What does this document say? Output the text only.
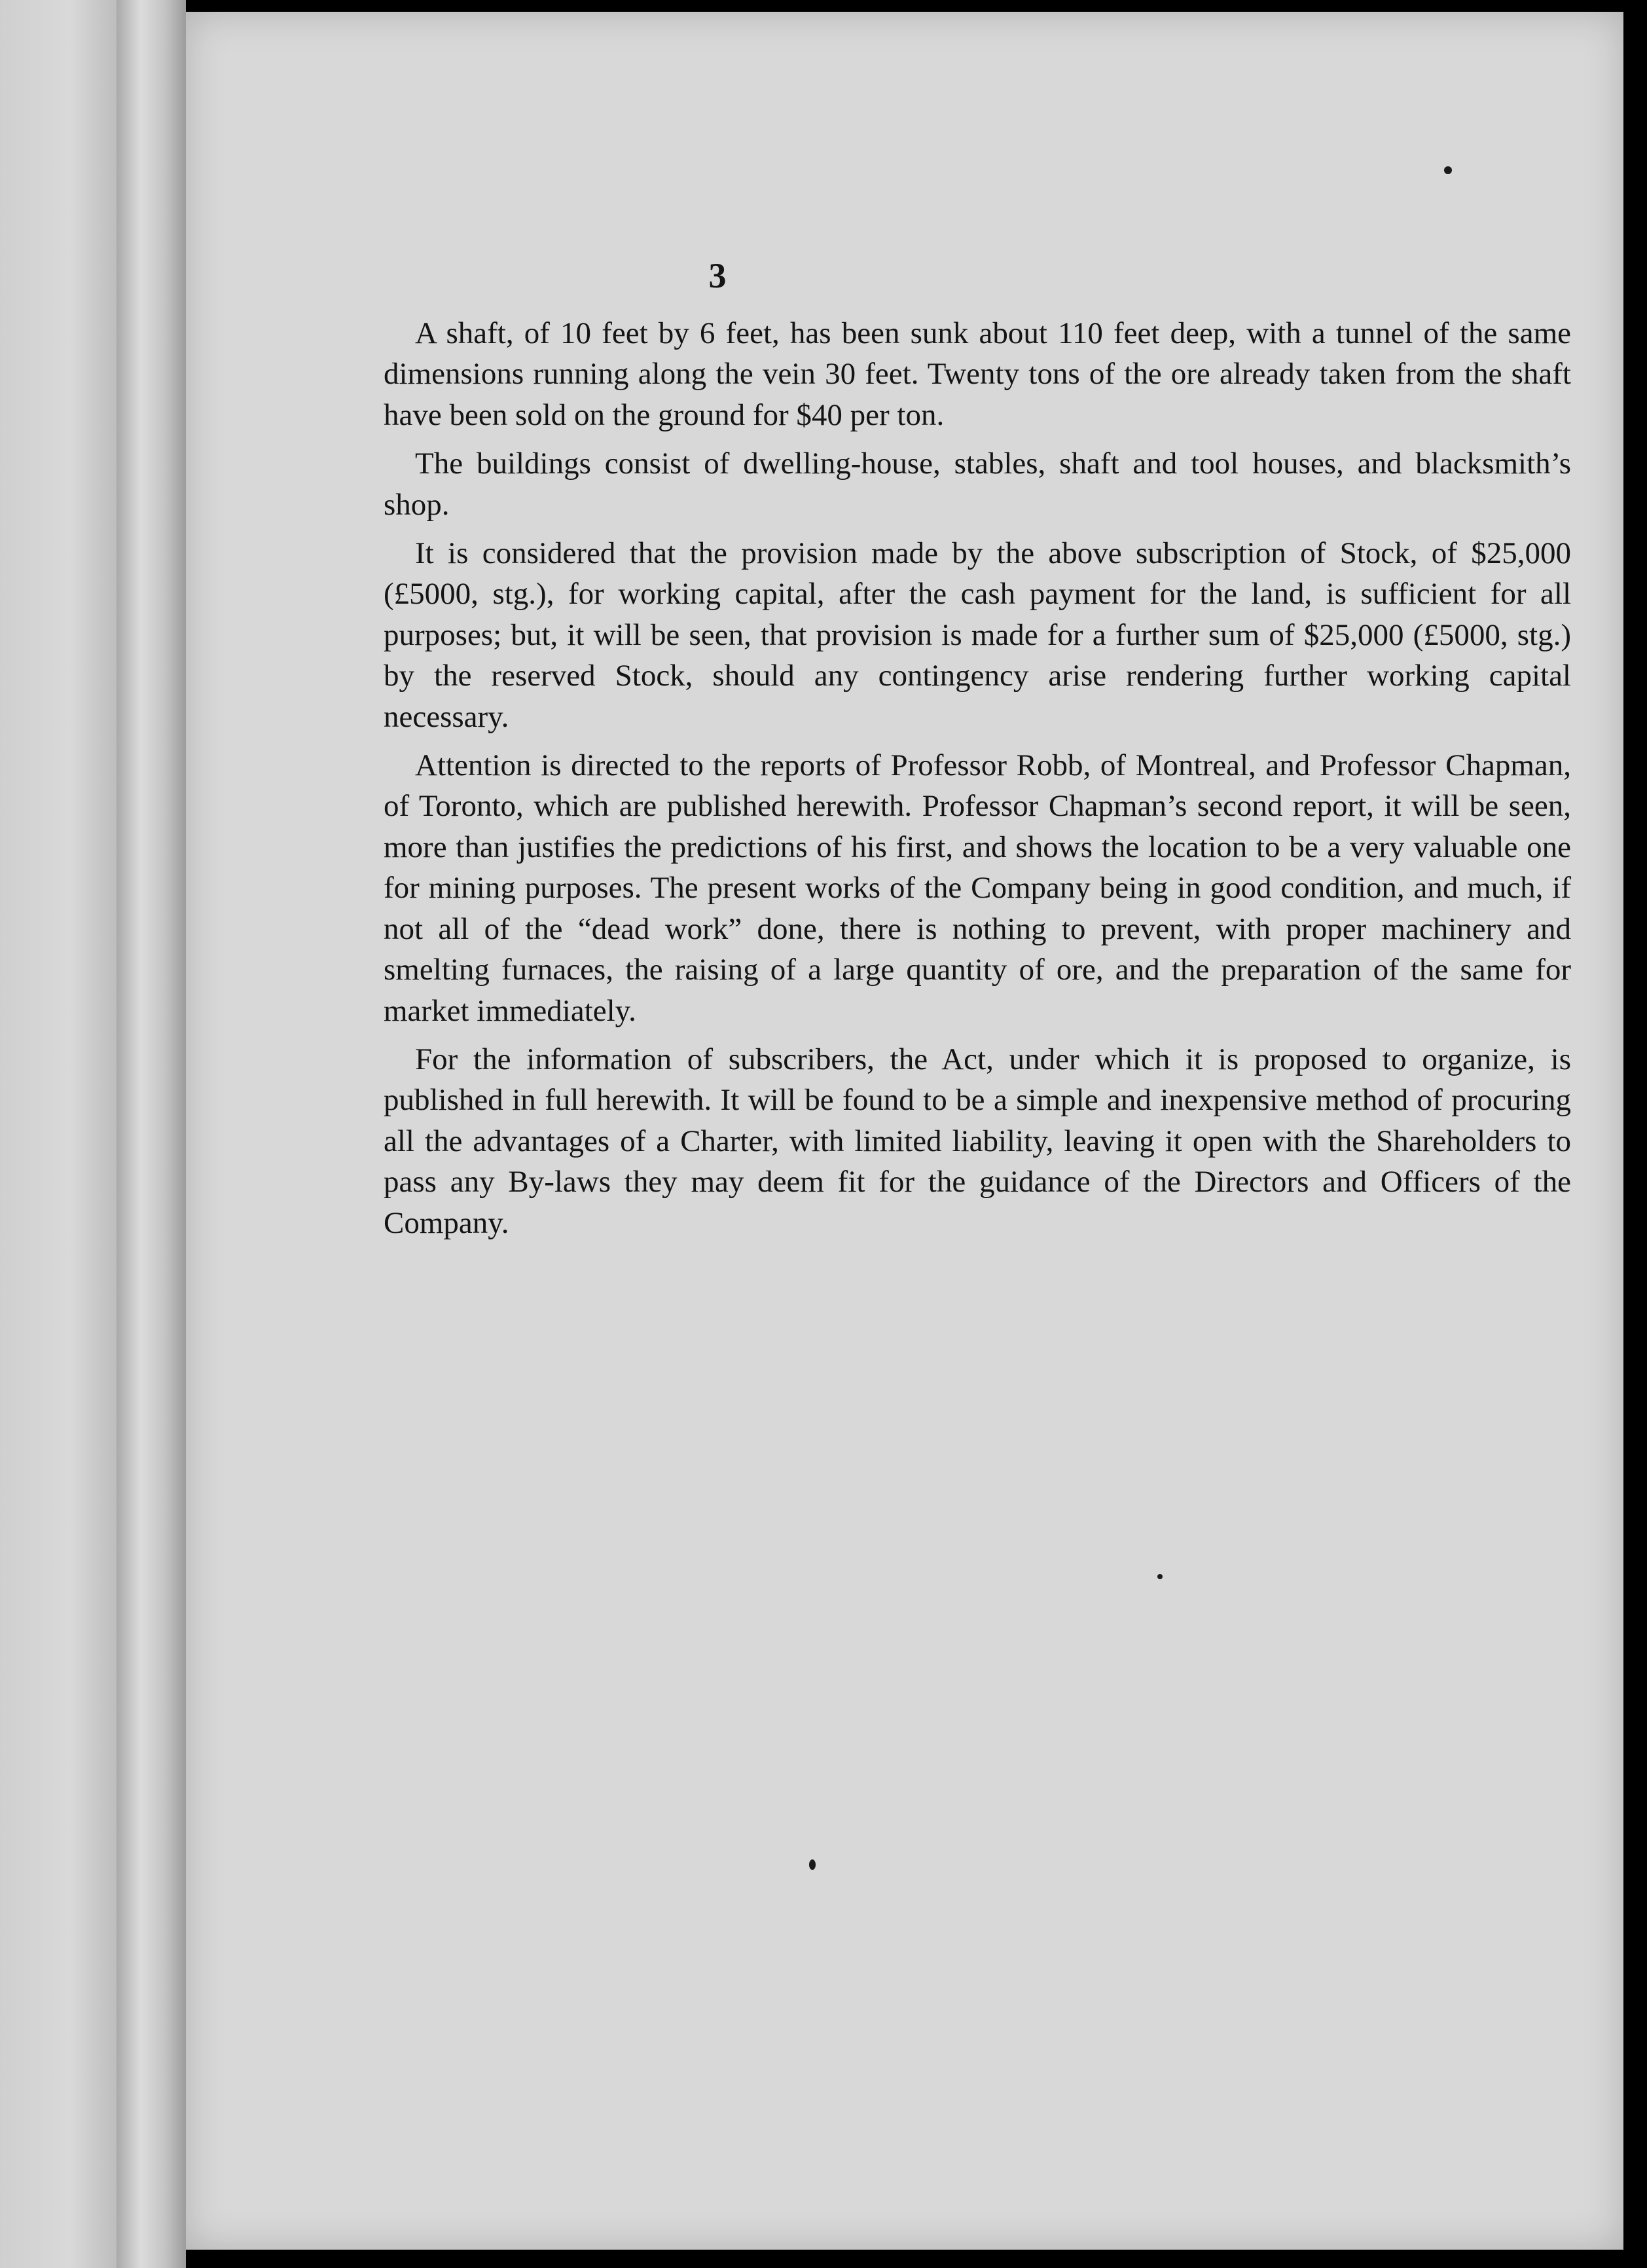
3

A shaft, of 10 feet by 6 feet, has been sunk about 110 feet deep, with a tunnel of the same dimensions running along the vein 30 feet. Twenty tons of the ore already taken from the shaft have been sold on the ground for $40 per ton.

The buildings consist of dwelling-house, stables, shaft and tool houses, and blacksmith’s shop.

It is considered that the provision made by the above subscription of Stock, of $25,000 (£5000, stg.), for working capital, after the cash payment for the land, is sufficient for all purposes; but, it will be seen, that provision is made for a further sum of $25,000 (£5000, stg.) by the reserved Stock, should any contingency arise rendering further working capital necessary.

Attention is directed to the reports of Professor Robb, of Montreal, and Professor Chapman, of Toronto, which are published herewith. Professor Chapman’s second report, it will be seen, more than justifies the predictions of his first, and shows the location to be a very valuable one for mining purposes. The present works of the Company being in good condition, and much, if not all of the “dead work” done, there is nothing to prevent, with proper machinery and smelting furnaces, the raising of a large quantity of ore, and the preparation of the same for market immediately.

For the information of subscribers, the Act, under which it is proposed to organize, is published in full herewith. It will be found to be a simple and inexpensive method of procuring all the advantages of a Charter, with limited liability, leaving it open with the Shareholders to pass any By-laws they may deem fit for the guidance of the Directors and Officers of the Company.
